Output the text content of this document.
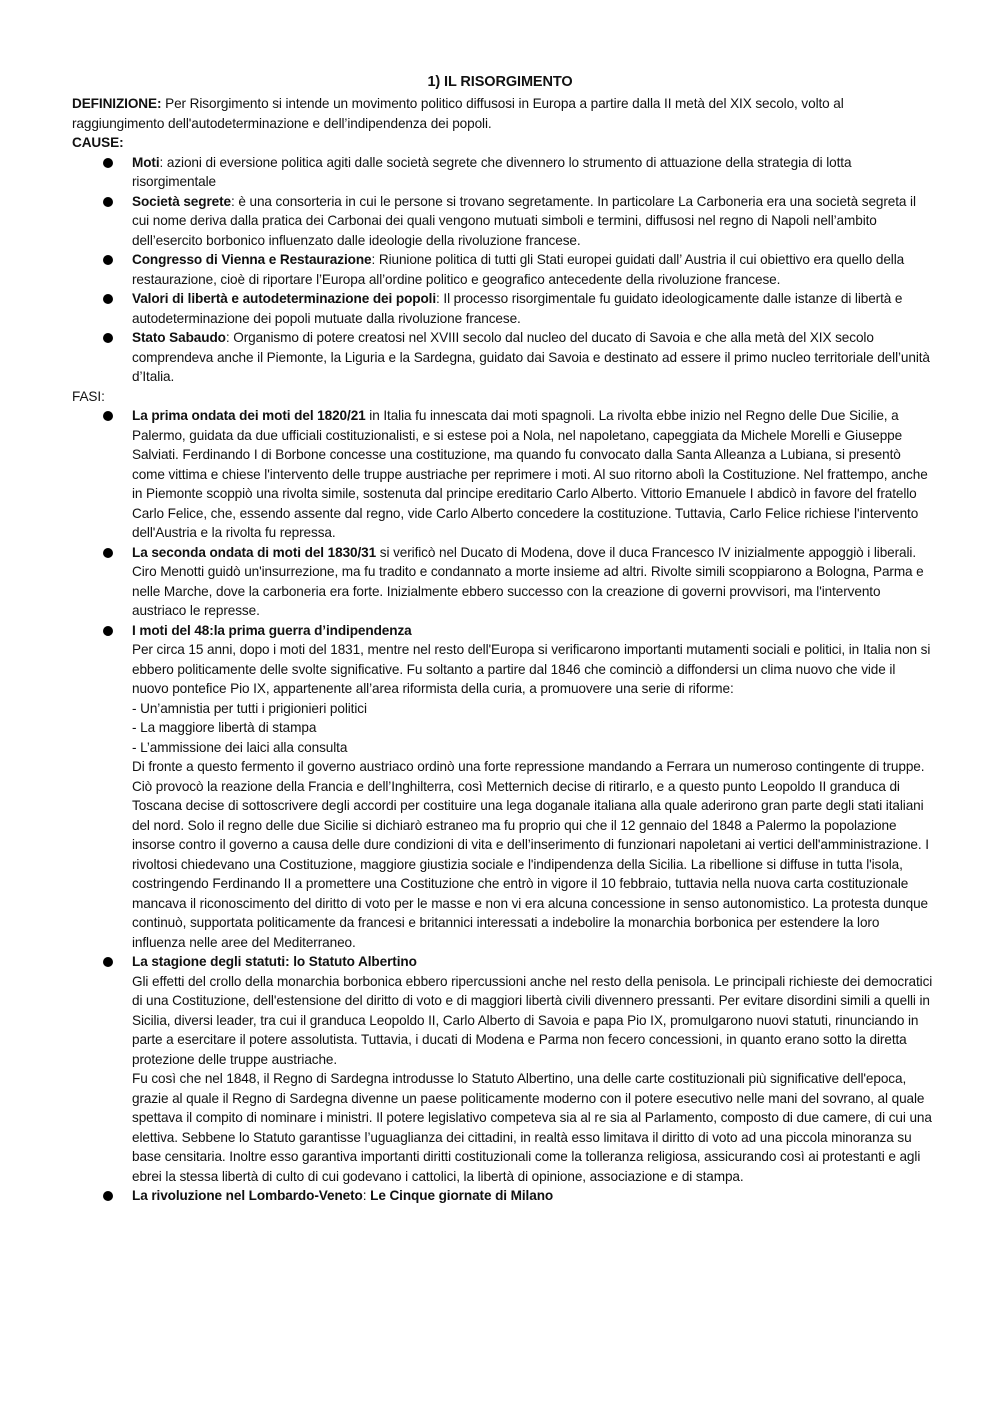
1) IL RISORGIMENTO

DEFINIZIONE: Per Risorgimento si intende un movimento politico diffusosi in Europa a partire dalla II metà del XIX secolo, volto al raggiungimento dell'autodeterminazione e dell’indipendenza dei popoli.

CAUSE:

Moti: azioni di eversione politica agiti dalle società segrete che divennero lo strumento di attuazione della strategia di lotta risorgimentale
Società segrete: è una consorteria in cui le persone si trovano segretamente. In particolare La Carboneria era una società segreta il cui nome deriva dalla pratica dei Carbonai dei quali vengono mutuati simboli e termini, diffusosi nel regno di Napoli nell’ambito dell’esercito borbonico influenzato dalle ideologie della rivoluzione francese.
Congresso di Vienna e Restaurazione: Riunione politica di tutti gli Stati europei guidati dall’ Austria il cui obiettivo era quello della restaurazione, cioè di riportare l’Europa all’ordine politico e geografico antecedente della rivoluzione francese.
Valori di libertà e autodeterminazione dei popoli: Il processo risorgimentale fu guidato ideologicamente dalle istanze di libertà e autodeterminazione dei popoli mutuate dalla rivoluzione francese.
Stato Sabaudo: Organismo di potere creatosi nel XVIII secolo dal nucleo del ducato di Savoia e che alla metà del XIX secolo comprendeva anche il Piemonte, la Liguria e la Sardegna, guidato dai Savoia e destinato ad essere il primo nucleo territoriale dell’unità d’Italia.

FASI:

La prima ondata dei moti del 1820/21 in Italia fu innescata dai moti spagnoli. La rivolta ebbe inizio nel Regno delle Due Sicilie, a Palermo, guidata da due ufficiali costituzionalisti, e si estese poi a Nola, nel napoletano, capeggiata da Michele Morelli e Giuseppe Salviati. Ferdinando I di Borbone concesse una costituzione, ma quando fu convocato dalla Santa Alleanza a Lubiana, si presentò come vittima e chiese l'intervento delle truppe austriache per reprimere i moti. Al suo ritorno abolì la Costituzione. Nel frattempo, anche in Piemonte scoppiò una rivolta simile, sostenuta dal principe ereditario Carlo Alberto. Vittorio Emanuele I abdicò in favore del fratello Carlo Felice, che, essendo assente dal regno, vide Carlo Alberto concedere la costituzione. Tuttavia, Carlo Felice richiese l'intervento dell'Austria e la rivolta fu repressa.
La seconda ondata di moti del 1830/31 si verificò nel Ducato di Modena, dove il duca Francesco IV inizialmente appoggiò i liberali. Ciro Menotti guidò un'insurrezione, ma fu tradito e condannato a morte insieme ad altri. Rivolte simili scoppiarono a Bologna, Parma e nelle Marche, dove la carboneria era forte. Inizialmente ebbero successo con la creazione di governi provvisori, ma l'intervento austriaco le represse.
I moti del 48:la prima guerra d’indipendenza
Per circa 15 anni, dopo i moti del 1831, mentre nel resto dell'Europa si verificarono importanti mutamenti sociali e politici, in Italia non si ebbero politicamente delle svolte significative. Fu soltanto a partire dal 1846 che cominciò a diffondersi un clima nuovo che vide il nuovo pontefice Pio IX, appartenente all’area riformista della curia, a promuovere una serie di riforme:
- Un’amnistia per tutti i prigionieri politici
- La maggiore libertà di stampa
- L’ammissione dei laici alla consulta
Di fronte a questo fermento il governo austriaco ordinò una forte repressione mandando a Ferrara un numeroso contingente di truppe. Ciò provocò la reazione della Francia e dell’Inghilterra, così Metternich decise di ritirarlo, e a questo punto Leopoldo II granduca di Toscana decise di sottoscrivere degli accordi per costituire una lega doganale italiana alla quale aderirono gran parte degli stati italiani del nord. Solo il regno delle due Sicilie si dichiarò estraneo ma fu proprio qui che il 12 gennaio del 1848 a Palermo la popolazione insorse contro il governo a causa delle dure condizioni di vita e dell’inserimento di funzionari napoletani ai vertici dell'amministrazione. I rivoltosi chiedevano una Costituzione, maggiore giustizia sociale e l'indipendenza della Sicilia. La ribellione si diffuse in tutta l'isola, costringendo Ferdinando II a promettere una Costituzione che entrò in vigore il 10 febbraio, tuttavia nella nuova carta costituzionale mancava il riconoscimento del diritto di voto per le masse e non vi era alcuna concessione in senso autonomistico. La protesta dunque continuò, supportata politicamente da francesi e britannici interessati a indebolire la monarchia borbonica per estendere la loro influenza nelle aree del Mediterraneo.
La stagione degli statuti: lo Statuto Albertino
Gli effetti del crollo della monarchia borbonica ebbero ripercussioni anche nel resto della penisola. Le principali richieste dei democratici di una Costituzione, dell'estensione del diritto di voto e di maggiori libertà civili divennero pressanti. Per evitare disordini simili a quelli in Sicilia, diversi leader, tra cui il granduca Leopoldo II, Carlo Alberto di Savoia e papa Pio IX, promulgarono nuovi statuti, rinunciando in parte a esercitare il potere assolutista. Tuttavia, i ducati di Modena e Parma non fecero concessioni, in quanto erano sotto la diretta protezione delle truppe austriache.
Fu così che nel 1848, il Regno di Sardegna introdusse lo Statuto Albertino, una delle carte costituzionali più significative dell'epoca, grazie al quale il Regno di Sardegna divenne un paese politicamente moderno con il potere esecutivo nelle mani del sovrano, al quale spettava il compito di nominare i ministri. Il potere legislativo competeva sia al re sia al Parlamento, composto di due camere, di cui una elettiva. Sebbene lo Statuto garantisse l’uguaglianza dei cittadini, in realtà esso limitava il diritto di voto ad una piccola minoranza su base censitaria. Inoltre esso garantiva importanti diritti costituzionali come la tolleranza religiosa, assicurando così ai protestanti e agli ebrei la stessa libertà di culto di cui godevano i cattolici, la libertà di opinione, associazione e di stampa.
La rivoluzione nel Lombardo-Veneto: Le Cinque giornate di Milano
